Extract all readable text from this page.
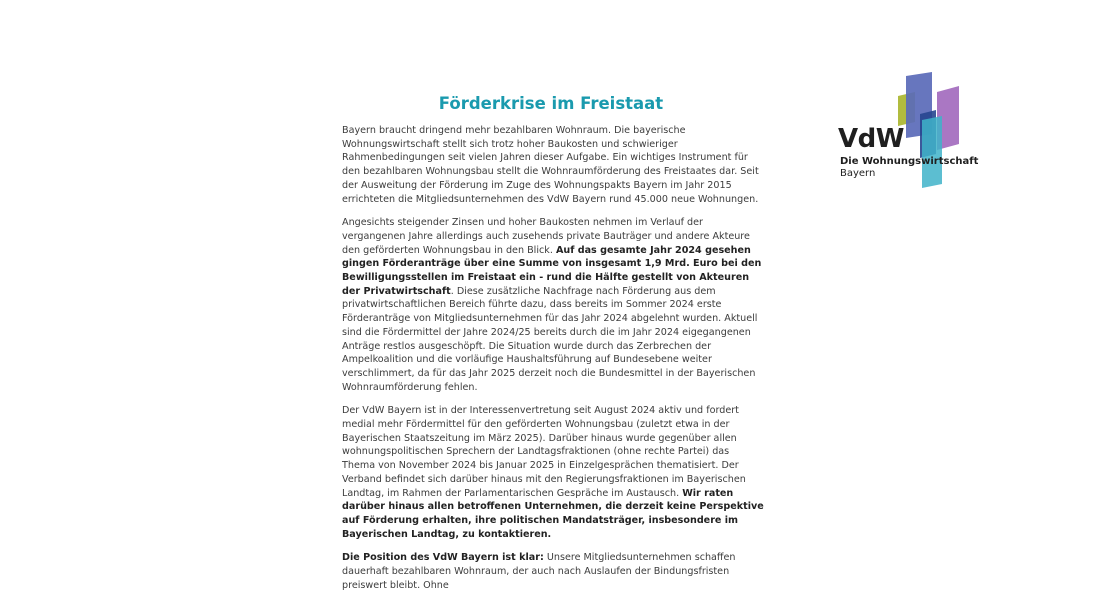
Förderkrise im Freistaat

Bayern braucht dringend mehr bezahlbaren Wohnraum. Die bayerische Wohnungswirtschaft stellt sich trotz hoher Baukosten und schwieriger Rahmenbedingungen seit vielen Jahren dieser Aufgabe. Ein wichtiges Instrument für den bezahlbaren Wohnungsbau stellt die Wohnraumförderung des Freistaates dar. Seit der Ausweitung der Förderung im Zuge des Wohnungspakts Bayern im Jahr 2015 errichteten die Mitgliedsunternehmen des VdW Bayern rund 45.000 neue Wohnungen.

Angesichts steigender Zinsen und hoher Baukosten nehmen im Verlauf der vergangenen Jahre allerdings auch zusehends private Bauträger und andere Akteure den geförderten Wohnungsbau in den Blick. Auf das gesamte Jahr 2024 gesehen gingen Förderanträge über eine Summe von insgesamt 1,9 Mrd. Euro bei den Bewilligungsstellen im Freistaat ein - rund die Hälfte gestellt von Akteuren der Privatwirtschaft. Diese zusätzliche Nachfrage nach Förderung aus dem privatwirtschaftlichen Bereich führte dazu, dass bereits im Sommer 2024 erste Förderanträge von Mitgliedsunternehmen für das Jahr 2024 abgelehnt wurden. Aktuell sind die Fördermittel der Jahre 2024/25 bereits durch die im Jahr 2024 eigegangenen Anträge restlos ausgeschöpft. Die Situation wurde durch das Zerbrechen der Ampelkoalition und die vorläufige Haushaltsführung auf Bundesebene weiter verschlimmert, da für das Jahr 2025 derzeit noch die Bundesmittel in der Bayerischen Wohnraumförderung fehlen.

Der VdW Bayern ist in der Interessenvertretung seit August 2024 aktiv und fordert medial mehr Fördermittel für den geförderten Wohnungsbau (zuletzt etwa in der Bayerischen Staatszeitung im März 2025). Darüber hinaus wurde gegenüber allen wohnungspolitischen Sprechern der Landtagsfraktionen (ohne rechte Partei) das Thema von November 2024 bis Januar 2025 in Einzelgesprächen thematisiert. Der Verband befindet sich darüber hinaus mit den Regierungsfraktionen im Bayerischen Landtag, im Rahmen der Parlamentarischen Gespräche im Austausch. Wir raten darüber hinaus allen betroffenen Unternehmen, die derzeit keine Perspektive auf Förderung erhalten, ihre politischen Mandatsträger, insbesondere im Bayerischen Landtag, zu kontaktieren.

Die Position des VdW Bayern ist klar: Unsere Mitgliedsunternehmen schaffen dauerhaft bezahlbaren Wohnraum, der auch nach Auslaufen der Bindungsfristen preiswert bleibt. Ohne

VdW
Die Wohnungswirtschaft
Bayern
